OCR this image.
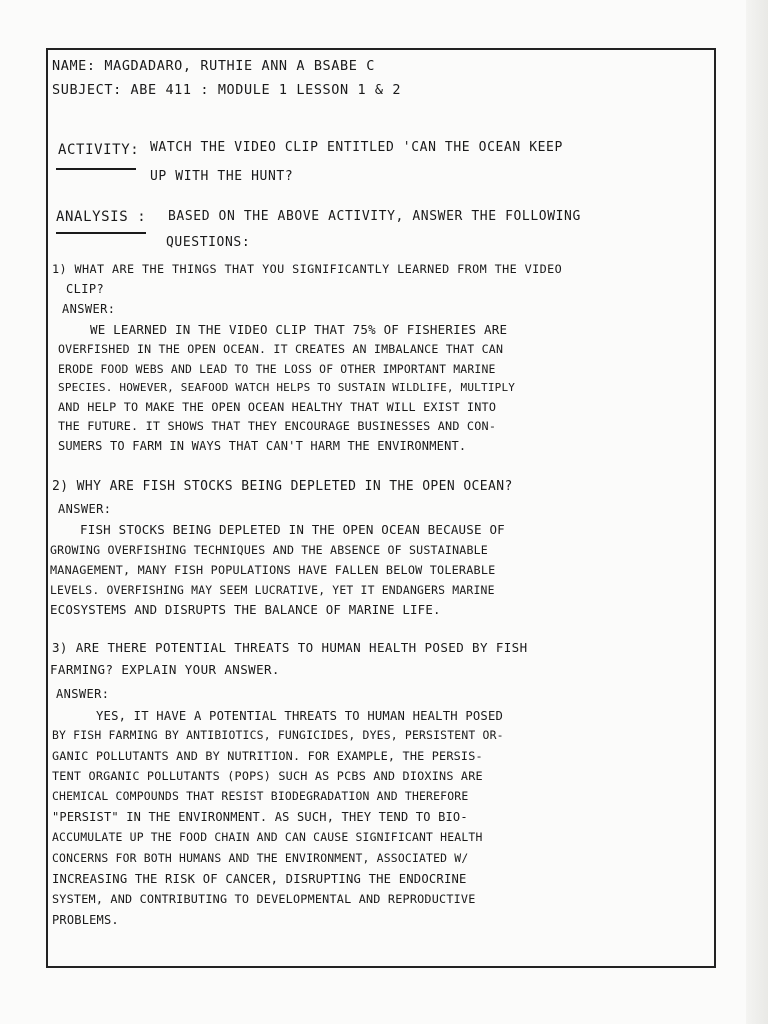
NAME: MAGDADARO, RUTHIE ANN A BSABE C
SUBJECT: ABE 411 : MODULE 1 LESSON 1 & 2
ACTIVITY: WATCH THE VIDEO CLIP ENTITLED 'CAN THE OCEAN KEEP
UP WITH THE HUNT?
ANALYSIS : BASED ON THE ABOVE ACTIVITY, ANSWER THE FOLLOWING
QUESTIONS:
1) WHAT ARE THE THINGS THAT YOU SIGNIFICANTLY LEARNED FROM THE VIDEO
CLIP?
ANSWER:
WE LEARNED IN THE VIDEO CLIP THAT 75% OF FISHERIES ARE
OVERFISHED IN THE OPEN OCEAN. IT CREATES AN IMBALANCE THAT CAN
ERODE FOOD WEBS AND LEAD TO THE LOSS OF OTHER IMPORTANT MARINE
SPECIES. HOWEVER, SEAFOOD WATCH HELPS TO SUSTAIN WILDLIFE, MULTIPLY
AND HELP TO MAKE THE OPEN OCEAN HEALTHY THAT WILL EXIST INTO
THE FUTURE. IT SHOWS THAT THEY ENCOURAGE BUSINESSES AND CON-
SUMERS TO FARM IN WAYS THAT CAN'T HARM THE ENVIRONMENT.
2) WHY ARE FISH STOCKS BEING DEPLETED IN THE OPEN OCEAN?
ANSWER:
FISH STOCKS BEING DEPLETED IN THE OPEN OCEAN BECAUSE OF
GROWING OVERFISHING TECHNIQUES AND THE ABSENCE OF SUSTAINABLE
MANAGEMENT, MANY FISH POPULATIONS HAVE FALLEN BELOW TOLERABLE
LEVELS. OVERFISHING MAY SEEM LUCRATIVE, YET IT ENDANGERS MARINE
ECOSYSTEMS AND DISRUPTS THE BALANCE OF MARINE LIFE.
3) ARE THERE POTENTIAL THREATS TO HUMAN HEALTH POSED BY FISH
FARMING? EXPLAIN YOUR ANSWER.
ANSWER:
YES, IT HAVE A POTENTIAL THREATS TO HUMAN HEALTH POSED
BY FISH FARMING BY ANTIBIOTICS, FUNGICIDES, DYES, PERSISTENT OR-
GANIC POLLUTANTS AND BY NUTRITION. FOR EXAMPLE, THE PERSIS-
TENT ORGANIC POLLUTANTS (POPS) SUCH AS PCBS AND DIOXINS ARE
CHEMICAL COMPOUNDS THAT RESIST BIODEGRADATION AND THEREFORE
"PERSIST" IN THE ENVIRONMENT. AS SUCH, THEY TEND TO BIO-
ACCUMULATE UP THE FOOD CHAIN AND CAN CAUSE SIGNIFICANT HEALTH
CONCERNS FOR BOTH HUMANS AND THE ENVIRONMENT, ASSOCIATED W/
INCREASING THE RISK OF CANCER, DISRUPTING THE ENDOCRINE
SYSTEM, AND CONTRIBUTING TO DEVELOPMENTAL AND REPRODUCTIVE
PROBLEMS.
